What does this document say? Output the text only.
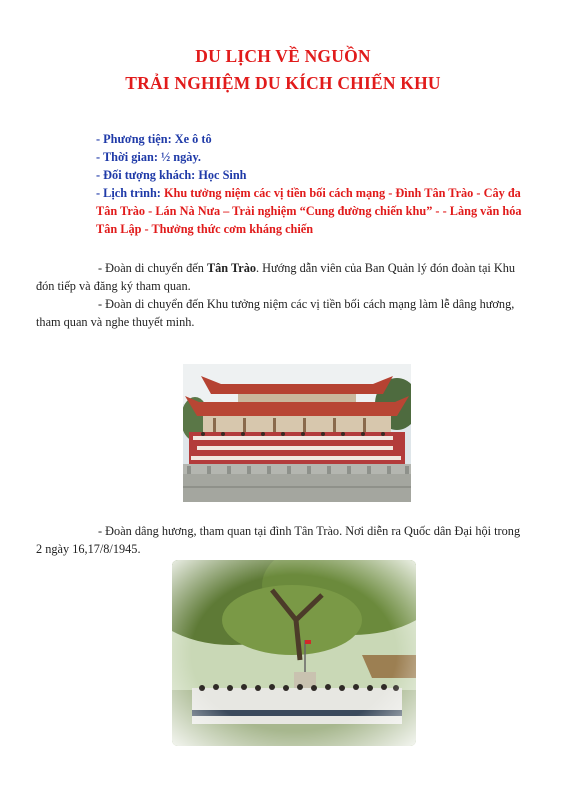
DU LỊCH VỀ NGUỒN
TRẢI NGHIỆM DU KÍCH CHIẾN KHU
- Phương tiện: Xe ô tô
- Thời gian: ½ ngày.
- Đối tượng khách: Học Sinh
- Lịch trình: Khu tưởng niệm các vị tiền bối cách mạng - Đình Tân Trào - Cây đa Tân Trào - Lán Nà Nưa – Trải nghiệm “Cung đường chiến khu” - - Làng văn hóa Tân Lập - Thưởng thức cơm kháng chiến
- Đoàn di chuyển đến Tân Trào. Hướng dẫn viên của Ban Quản lý đón đoàn tại Khu đón tiếp và đăng ký tham quan.
- Đoàn di chuyển đến Khu tưởng niệm các vị tiền bối cách mạng làm lễ dâng hương, tham quan và nghe thuyết minh.
- Đoàn dâng hương, tham quan tại đình Tân Trào. Nơi diễn ra Quốc dân Đại hội trong 2 ngày 16,17/8/1945.
